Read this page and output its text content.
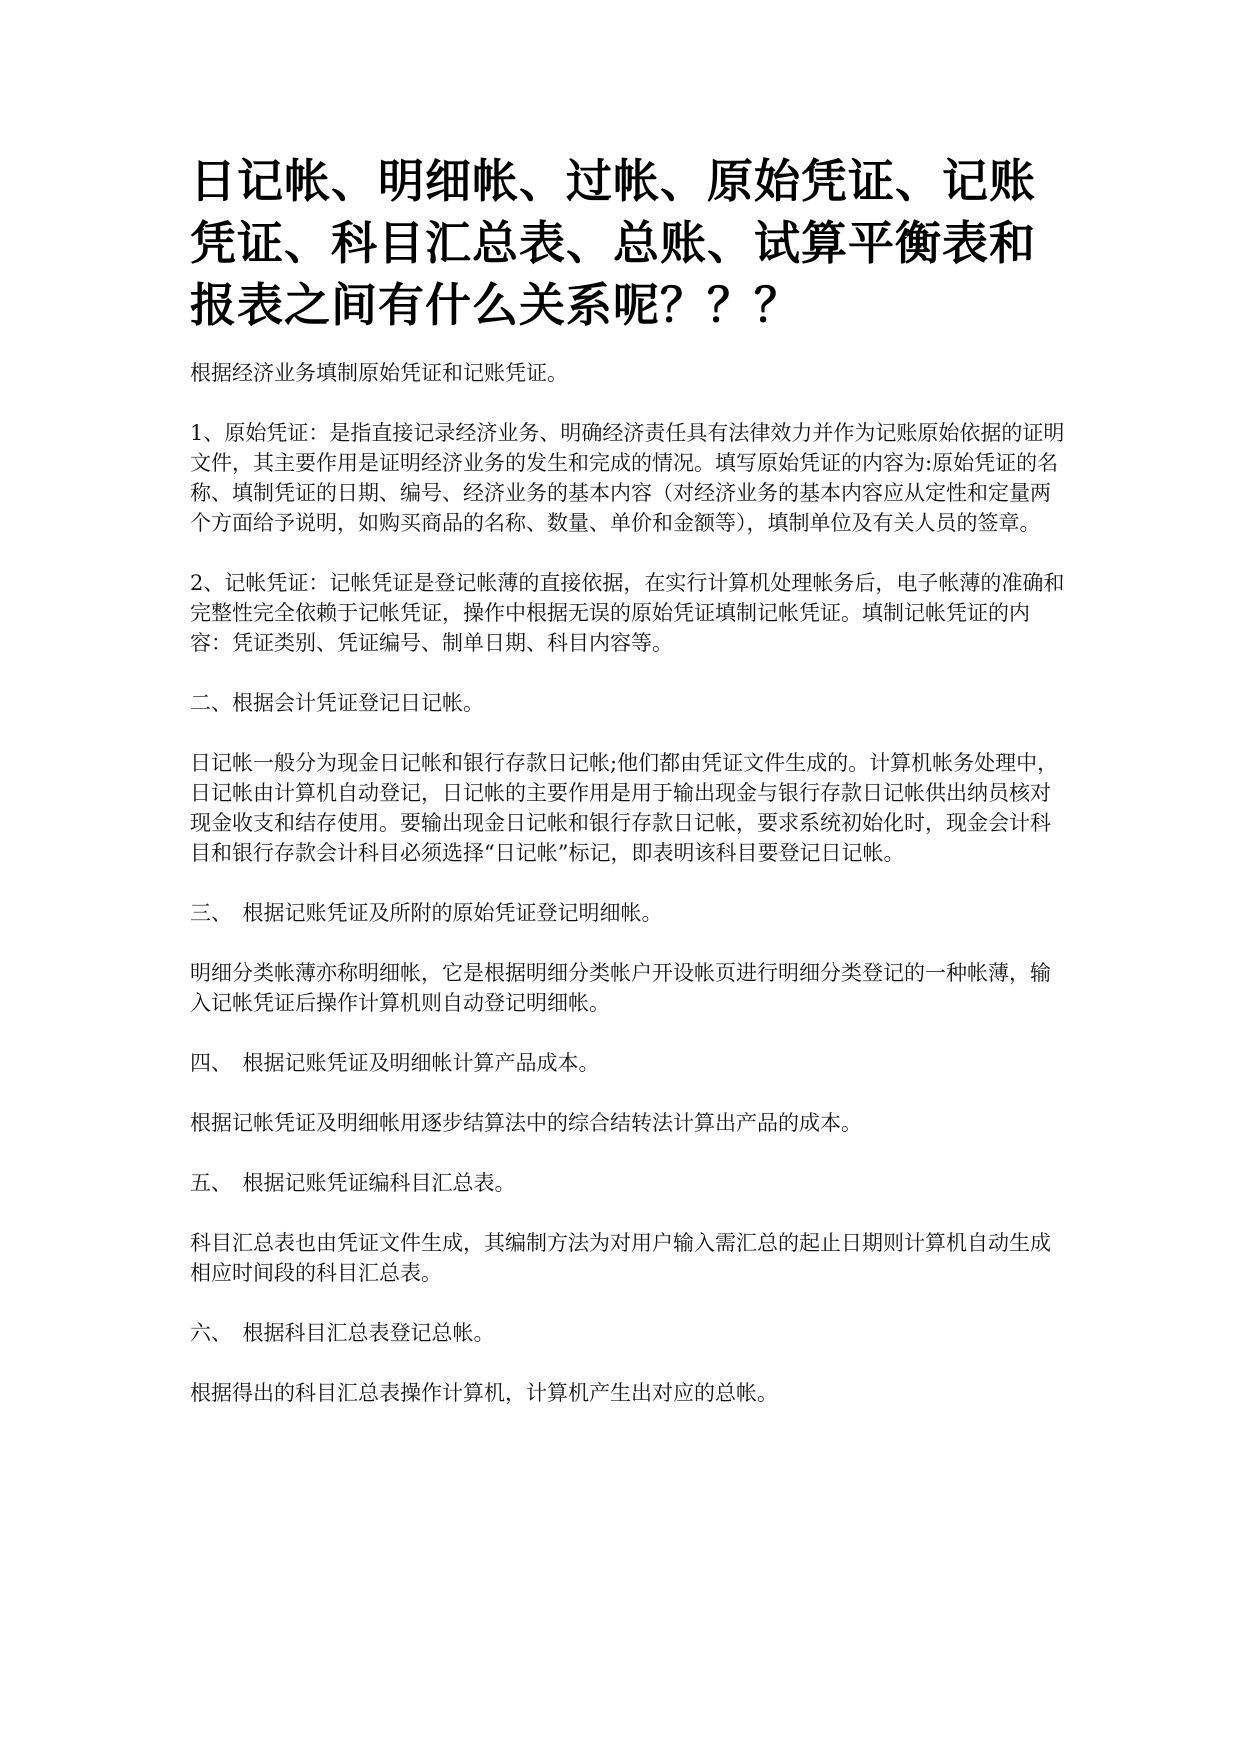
日记帐、明细帐、过帐、原始凭证、记账凭证、科目汇总表、总账、试算平衡表和报表之间有什么关系呢？？？

根据经济业务填制原始凭证和记账凭证。

1、原始凭证：是指直接记录经济业务、明确经济责任具有法律效力并作为记账原始依据的证明文件，其主要作用是证明经济业务的发生和完成的情况。填写原始凭证的内容为:原始凭证的名称、填制凭证的日期、编号、经济业务的基本内容（对经济业务的基本内容应从定性和定量两个方面给予说明，如购买商品的名称、数量、单价和金额等），填制单位及有关人员的签章。

2、记帐凭证：记帐凭证是登记帐薄的直接依据，在实行计算机处理帐务后，电子帐薄的准确和完整性完全依赖于记帐凭证，操作中根据无误的原始凭证填制记帐凭证。填制记帐凭证的内容：凭证类别、凭证编号、制单日期、科目内容等。

二、根据会计凭证登记日记帐。

日记帐一般分为现金日记帐和银行存款日记帐;他们都由凭证文件生成的。计算机帐务处理中，日记帐由计算机自动登记，日记帐的主要作用是用于输出现金与银行存款日记帐供出纳员核对现金收支和结存使用。要输出现金日记帐和银行存款日记帐，要求系统初始化时，现金会计科目和银行存款会计科目必须选择“日记帐”标记，即表明该科目要登记日记帐。

三、　根据记账凭证及所附的原始凭证登记明细帐。

明细分类帐薄亦称明细帐，它是根据明细分类帐户开设帐页进行明细分类登记的一种帐薄，输入记帐凭证后操作计算机则自动登记明细帐。

四、　根据记账凭证及明细帐计算产品成本。

根据记帐凭证及明细帐用逐步结算法中的综合结转法计算出产品的成本。

五、　根据记账凭证编科目汇总表。

科目汇总表也由凭证文件生成，其编制方法为对用户输入需汇总的起止日期则计算机自动生成相应时间段的科目汇总表。

六、　根据科目汇总表登记总帐。

根据得出的科目汇总表操作计算机，计算机产生出对应的总帐。
